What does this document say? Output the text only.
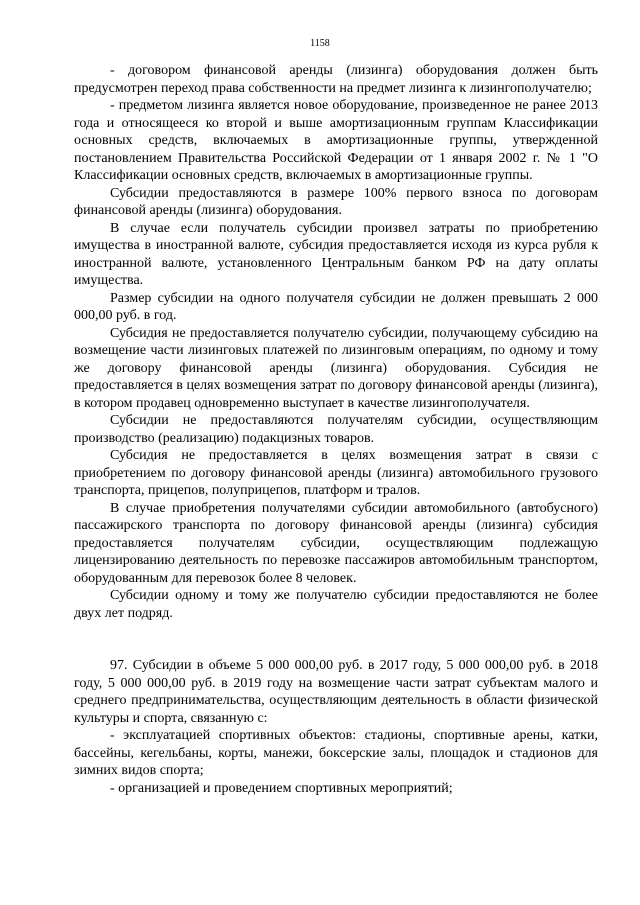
1158

- договором финансовой аренды (лизинга) оборудования должен быть предусмотрен переход права собственности на предмет лизинга к лизингополучателю;

- предметом лизинга является новое оборудование, произведенное не ранее 2013 года и относящееся ко второй и выше амортизационным группам Классификации основных средств, включаемых в амортизационные группы, утвержденной постановлением Правительства Российской Федерации от 1 января 2002 г. № 1 "О Классификации основных средств, включаемых в амортизационные группы.

Субсидии предоставляются в размере 100% первого взноса по договорам финансовой аренды (лизинга) оборудования.

В случае если получатель субсидии произвел затраты по приобретению имущества в иностранной валюте, субсидия предоставляется исходя из курса рубля к иностранной валюте, установленного Центральным банком РФ на дату оплаты имущества.

Размер субсидии на одного получателя субсидии не должен превышать 2 000 000,00 руб. в год.

Субсидия не предоставляется получателю субсидии, получающему субсидию на возмещение части лизинговых платежей по лизинговым операциям, по одному и тому же договору финансовой аренды (лизинга) оборудования. Субсидия не предоставляется в целях возмещения затрат по договору финансовой аренды (лизинга), в котором продавец одновременно выступает в качестве лизингополучателя.

Субсидии не предоставляются получателям субсидии, осуществляющим производство (реализацию) подакцизных товаров.

Субсидия не предоставляется в целях возмещения затрат в связи с приобретением по договору финансовой аренды (лизинга) автомобильного грузового транспорта, прицепов, полуприцепов, платформ и тралов.

В случае приобретения получателями субсидии автомобильного (автобусного) пассажирского транспорта по договору финансовой аренды (лизинга) субсидия предоставляется получателям субсидии, осуществляющим подлежащую лицензированию деятельность по перевозке пассажиров автомобильным транспортом, оборудованным для перевозок более 8 человек.

Субсидии одному и тому же получателю субсидии предоставляются не более двух лет подряд.

97. Субсидии в объеме 5 000 000,00 руб. в 2017 году, 5 000 000,00 руб. в 2018 году, 5 000 000,00 руб. в 2019 году на возмещение части затрат субъектам малого и среднего предпринимательства, осуществляющим деятельность в области физической культуры и спорта, связанную с:

- эксплуатацией спортивных объектов: стадионы, спортивные арены, катки, бассейны, кегельбаны, корты, манежи, боксерские залы, площадок и стадионов для зимних видов спорта;

- организацией и проведением спортивных мероприятий;
